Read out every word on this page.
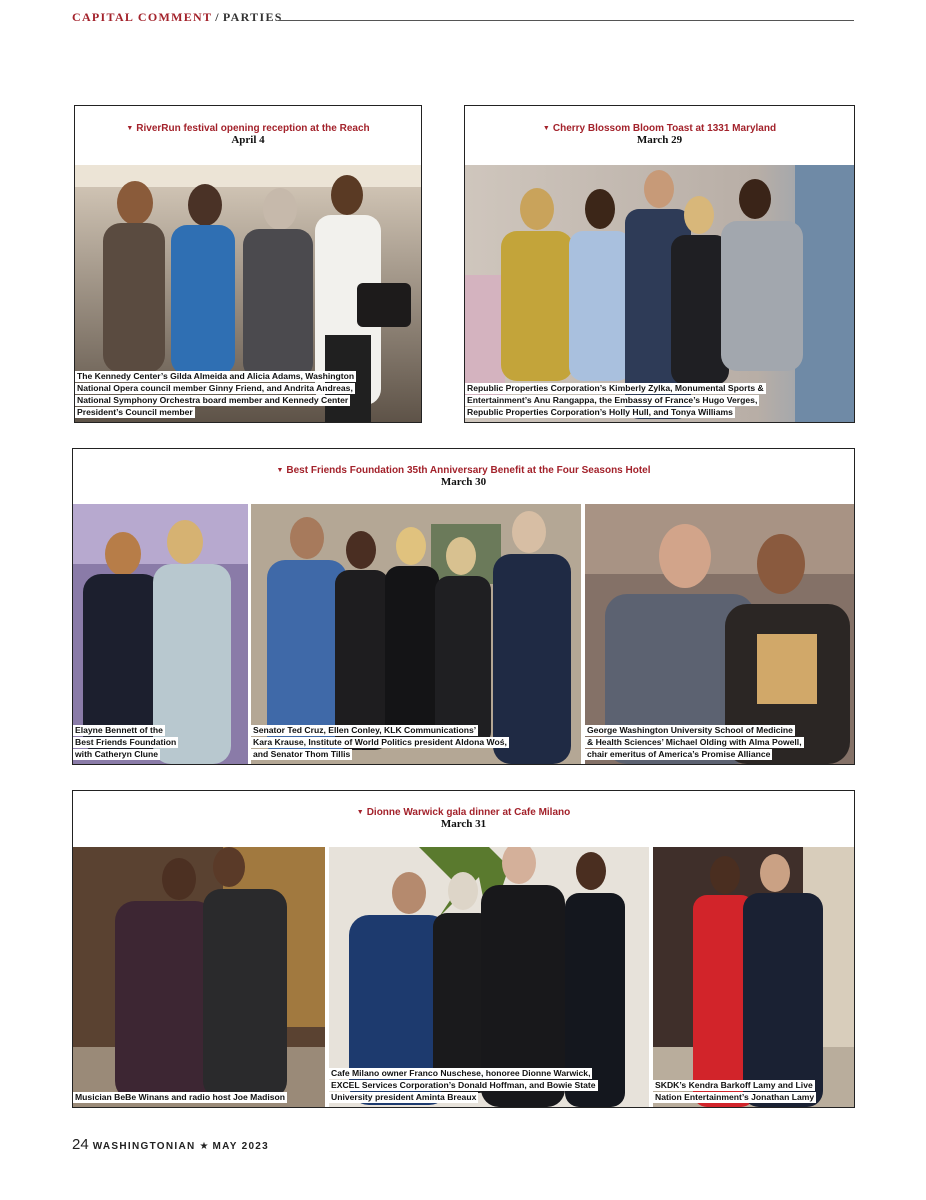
CAPITAL COMMENT / PARTIES
▼ RiverRun festival opening reception at the Reach
April 4
The Kennedy Center’s Gilda Almeida and Alicia Adams, Washington
National Opera council member Ginny Friend, and Andrita Andreas,
National Symphony Orchestra board member and Kennedy Center
President’s Council member
▼ Cherry Blossom Bloom Toast at 1331 Maryland
March 29
Republic Properties Corporation’s Kimberly Zylka, Monumental Sports &
Entertainment’s Anu Rangappa, the Embassy of France’s Hugo Verges,
Republic Properties Corporation’s Holly Hull, and Tonya Williams
▼ Best Friends Foundation 35th Anniversary Benefit at the Four Seasons Hotel
March 30
Elayne Bennett of the
Best Friends Foundation
with Catheryn Clune
Senator Ted Cruz, Ellen Conley, KLK Communications’
Kara Krause, Institute of World Politics president Aldona Woś,
and Senator Thom Tillis
George Washington University School of Medicine
& Health Sciences’ Michael Olding with Alma Powell,
chair emeritus of America’s Promise Alliance
▼ Dionne Warwick gala dinner at Cafe Milano
March 31
Musician BeBe Winans and radio host Joe Madison
Cafe Milano owner Franco Nuschese, honoree Dionne Warwick,
EXCEL Services Corporation’s Donald Hoffman, and Bowie State
University president Aminta Breaux
SKDK’s Kendra Barkoff Lamy and Live
Nation Entertainment’s Jonathan Lamy
24 WASHINGTONIAN ★ MAY 2023
